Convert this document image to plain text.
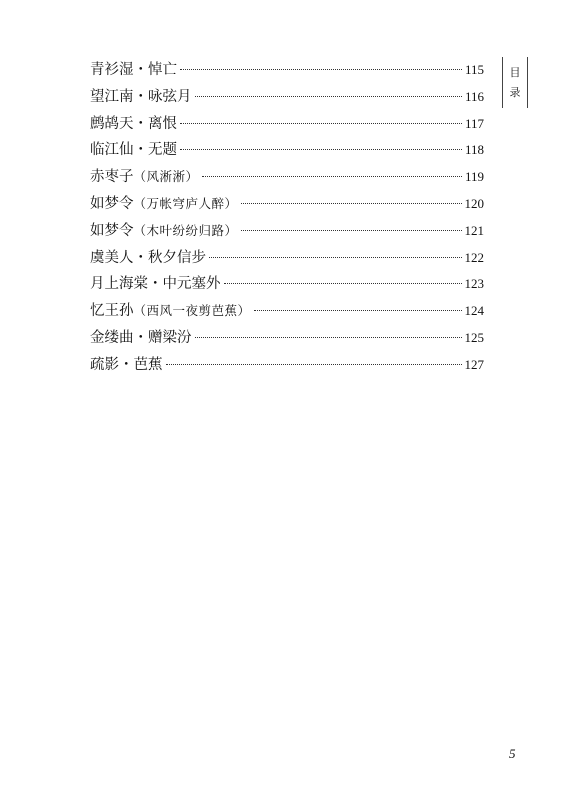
青衫湿・悼亡	115
望江南・咏弦月	116
鹧鸪天・离恨	117
临江仙・无题	118
赤枣子（风淅淅）	119
如梦令（万帐穹庐人醉）	120
如梦令（木叶纷纷归路）	121
虞美人・秋夕信步	122
月上海棠・中元塞外	123
忆王孙（西风一夜剪芭蕉）	124
金缕曲・赠梁汾	125
疏影・芭蕉	127
目
录
5
